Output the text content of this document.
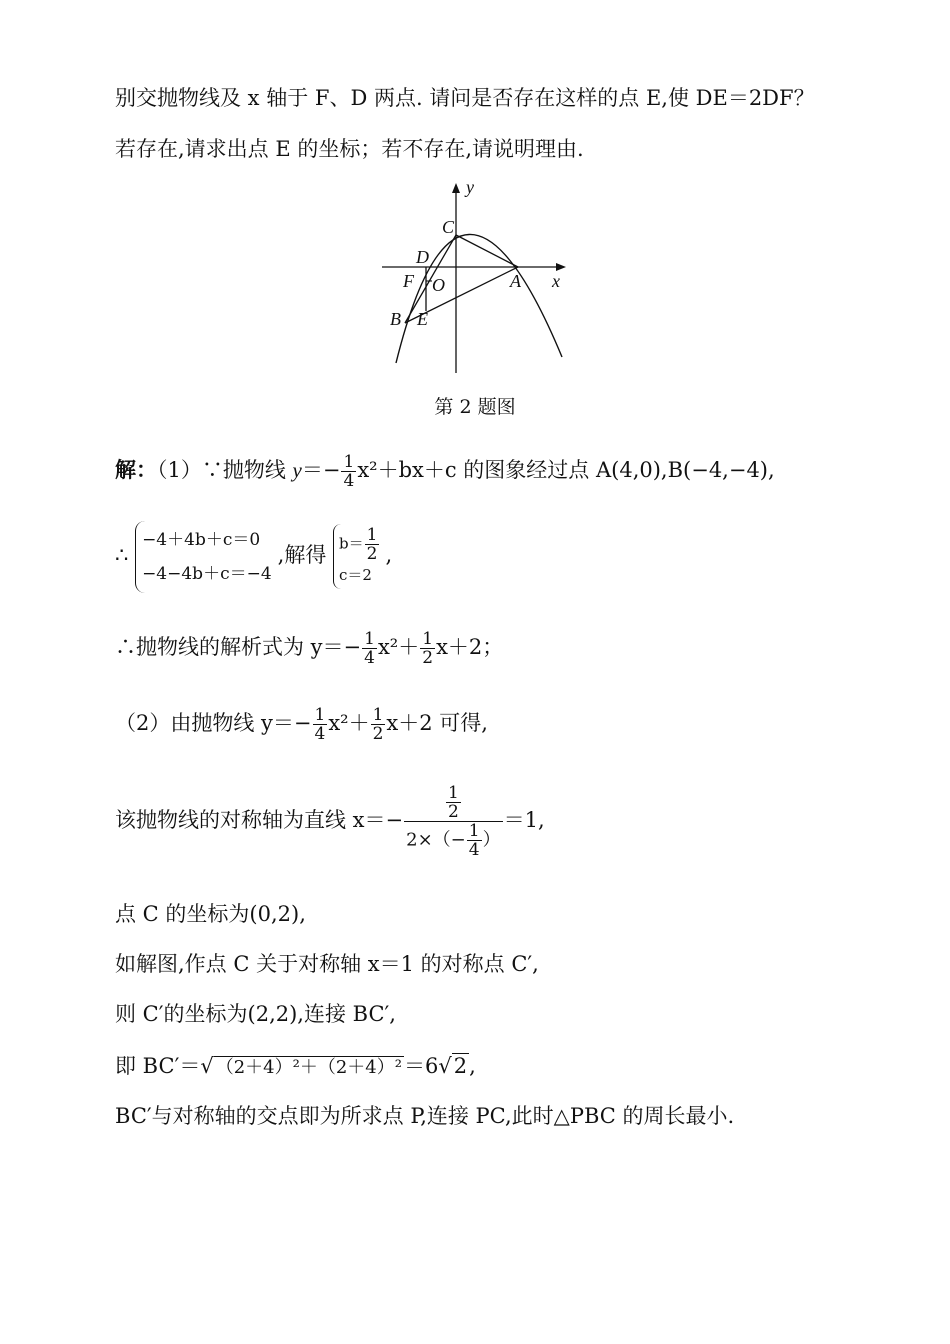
别交抛物线及 x 轴于 F、D 两点. 请问是否存在这样的点 E,使 DE＝2DF？
若存在,请求出点 E 的坐标；若不存在,请说明理由.
y
C
D
F O	A x
B E
第 2 题图
解：（1）∵抛物线 $y=- \frac{1}{4} x^2+bx+c$ 的图象经过点 A(4,0),B(−4,−4),
∴
−4＋4b＋c＝0
−4−4b＋c＝−4
,解得 $b= \frac{1}{2}$
c＝2
,
∴抛物线的解析式为 $y=- \frac{1}{4} x^2+ \frac{1}{2} x+2$；
（2）由抛物线 $y=- \frac{1}{4} x^2+ \frac{1}{2} x+2$ 可得,
该抛物线的对称轴为直线 $x=- \frac{\frac{1}{2}}{2\times(- \frac{1}{4} )} =1$,
点 C 的坐标为(0,2),
如解图,作点 C 关于对称轴 x＝1 的对称点 C′,
则 C′的坐标为(2,2),连接 BC′,
即 BC′＝√ （2＋4）²＋（2＋4）²＝6√2,
BC′与对称轴的交点即为所求点 P,连接 PC,此时△PBC 的周长最小.
